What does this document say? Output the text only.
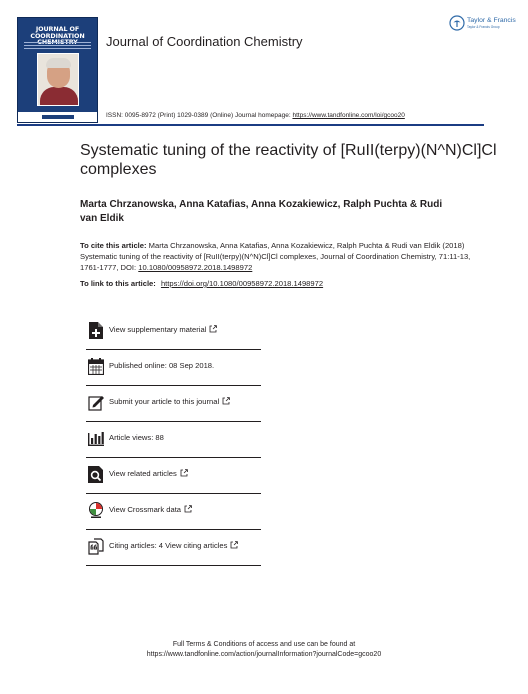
JOURNAL OF
COORDINATION	Journal of Coordination Chemistry
Taylor & Francis
Taylor & Francis Group
ISSN: 0095-8972 (Print) 1029-0389 (Online) Journal homepage: https://www.tandfonline.com/loi/gcoo20
Systematic tuning of the reactivity of [RuII(terpy)(N^N)Cl]Cl complexes
Marta Chrzanowska, Anna Katafias, Anna Kozakiewicz, Ralph Puchta & Rudi van Eldik
To cite this article: Marta Chrzanowska, Anna Katafias, Anna Kozakiewicz, Ralph Puchta & Rudi van Eldik (2018) Systematic tuning of the reactivity of [RuII(terpy)(N^N)Cl]Cl complexes, Journal of Coordination Chemistry, 71:11-13, 1761-1777, DOI: 10.1080/00958972.2018.1498972
To link to this article: https://doi.org/10.1080/00958972.2018.1498972
View supplementary material
Published online: 08 Sep 2018.
Submit your article to this journal
Article views: 88
View related articles
View Crossmark data
Citing articles: 4 View citing articles
Full Terms & Conditions of access and use can be found at
https://www.tandfonline.com/action/journalInformation?journalCode=gcoo20
